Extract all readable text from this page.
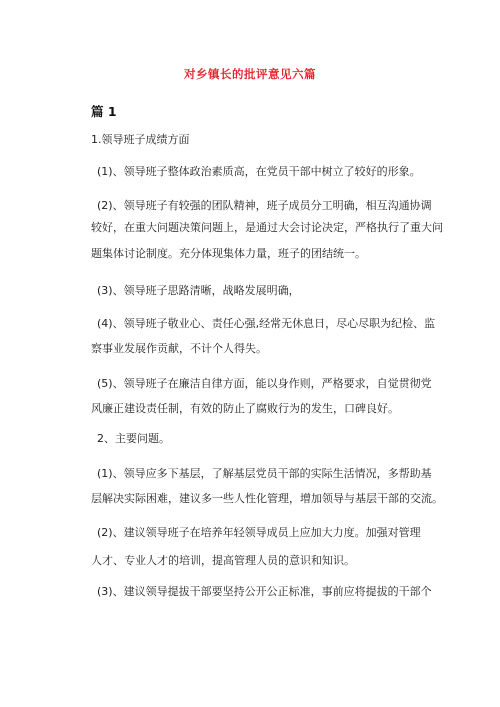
对乡镇长的批评意见六篇
篇 1
1.领导班子成绩方面
(1)、领导班子整体政治素质高，在党员干部中树立了较好的形象。
(2)、领导班子有较强的团队精神，班子成员分工明确，相互沟通协调
较好，在重大问题决策问题上，是通过大会讨论决定，严格执行了重大问
题集体讨论制度。充分体现集体力量，班子的团结统一。
(3)、领导班子思路清晰，战略发展明确，
(4)、领导班子敬业心、责任心强,经常无休息日，尽心尽职为纪检、监
察事业发展作贡献，不计个人得失。
(5)、领导班子在廉洁自律方面，能以身作则，严格要求，自觉贯彻党
风廉正建设责任制，有效的防止了腐败行为的发生，口碑良好。
2、主要问题。
(1)、领导应多下基层，了解基层党员干部的实际生活情况，多帮助基
层解决实际困难，建议多一些人性化管理，增加领导与基层干部的交流。
(2)、建议领导班子在培养年轻领导成员上应加大力度。加强对管理
人才、专业人才的培训，提高管理人员的意识和知识。
(3)、建议领导提拔干部要坚持公开公正标准，事前应将提拔的干部个
